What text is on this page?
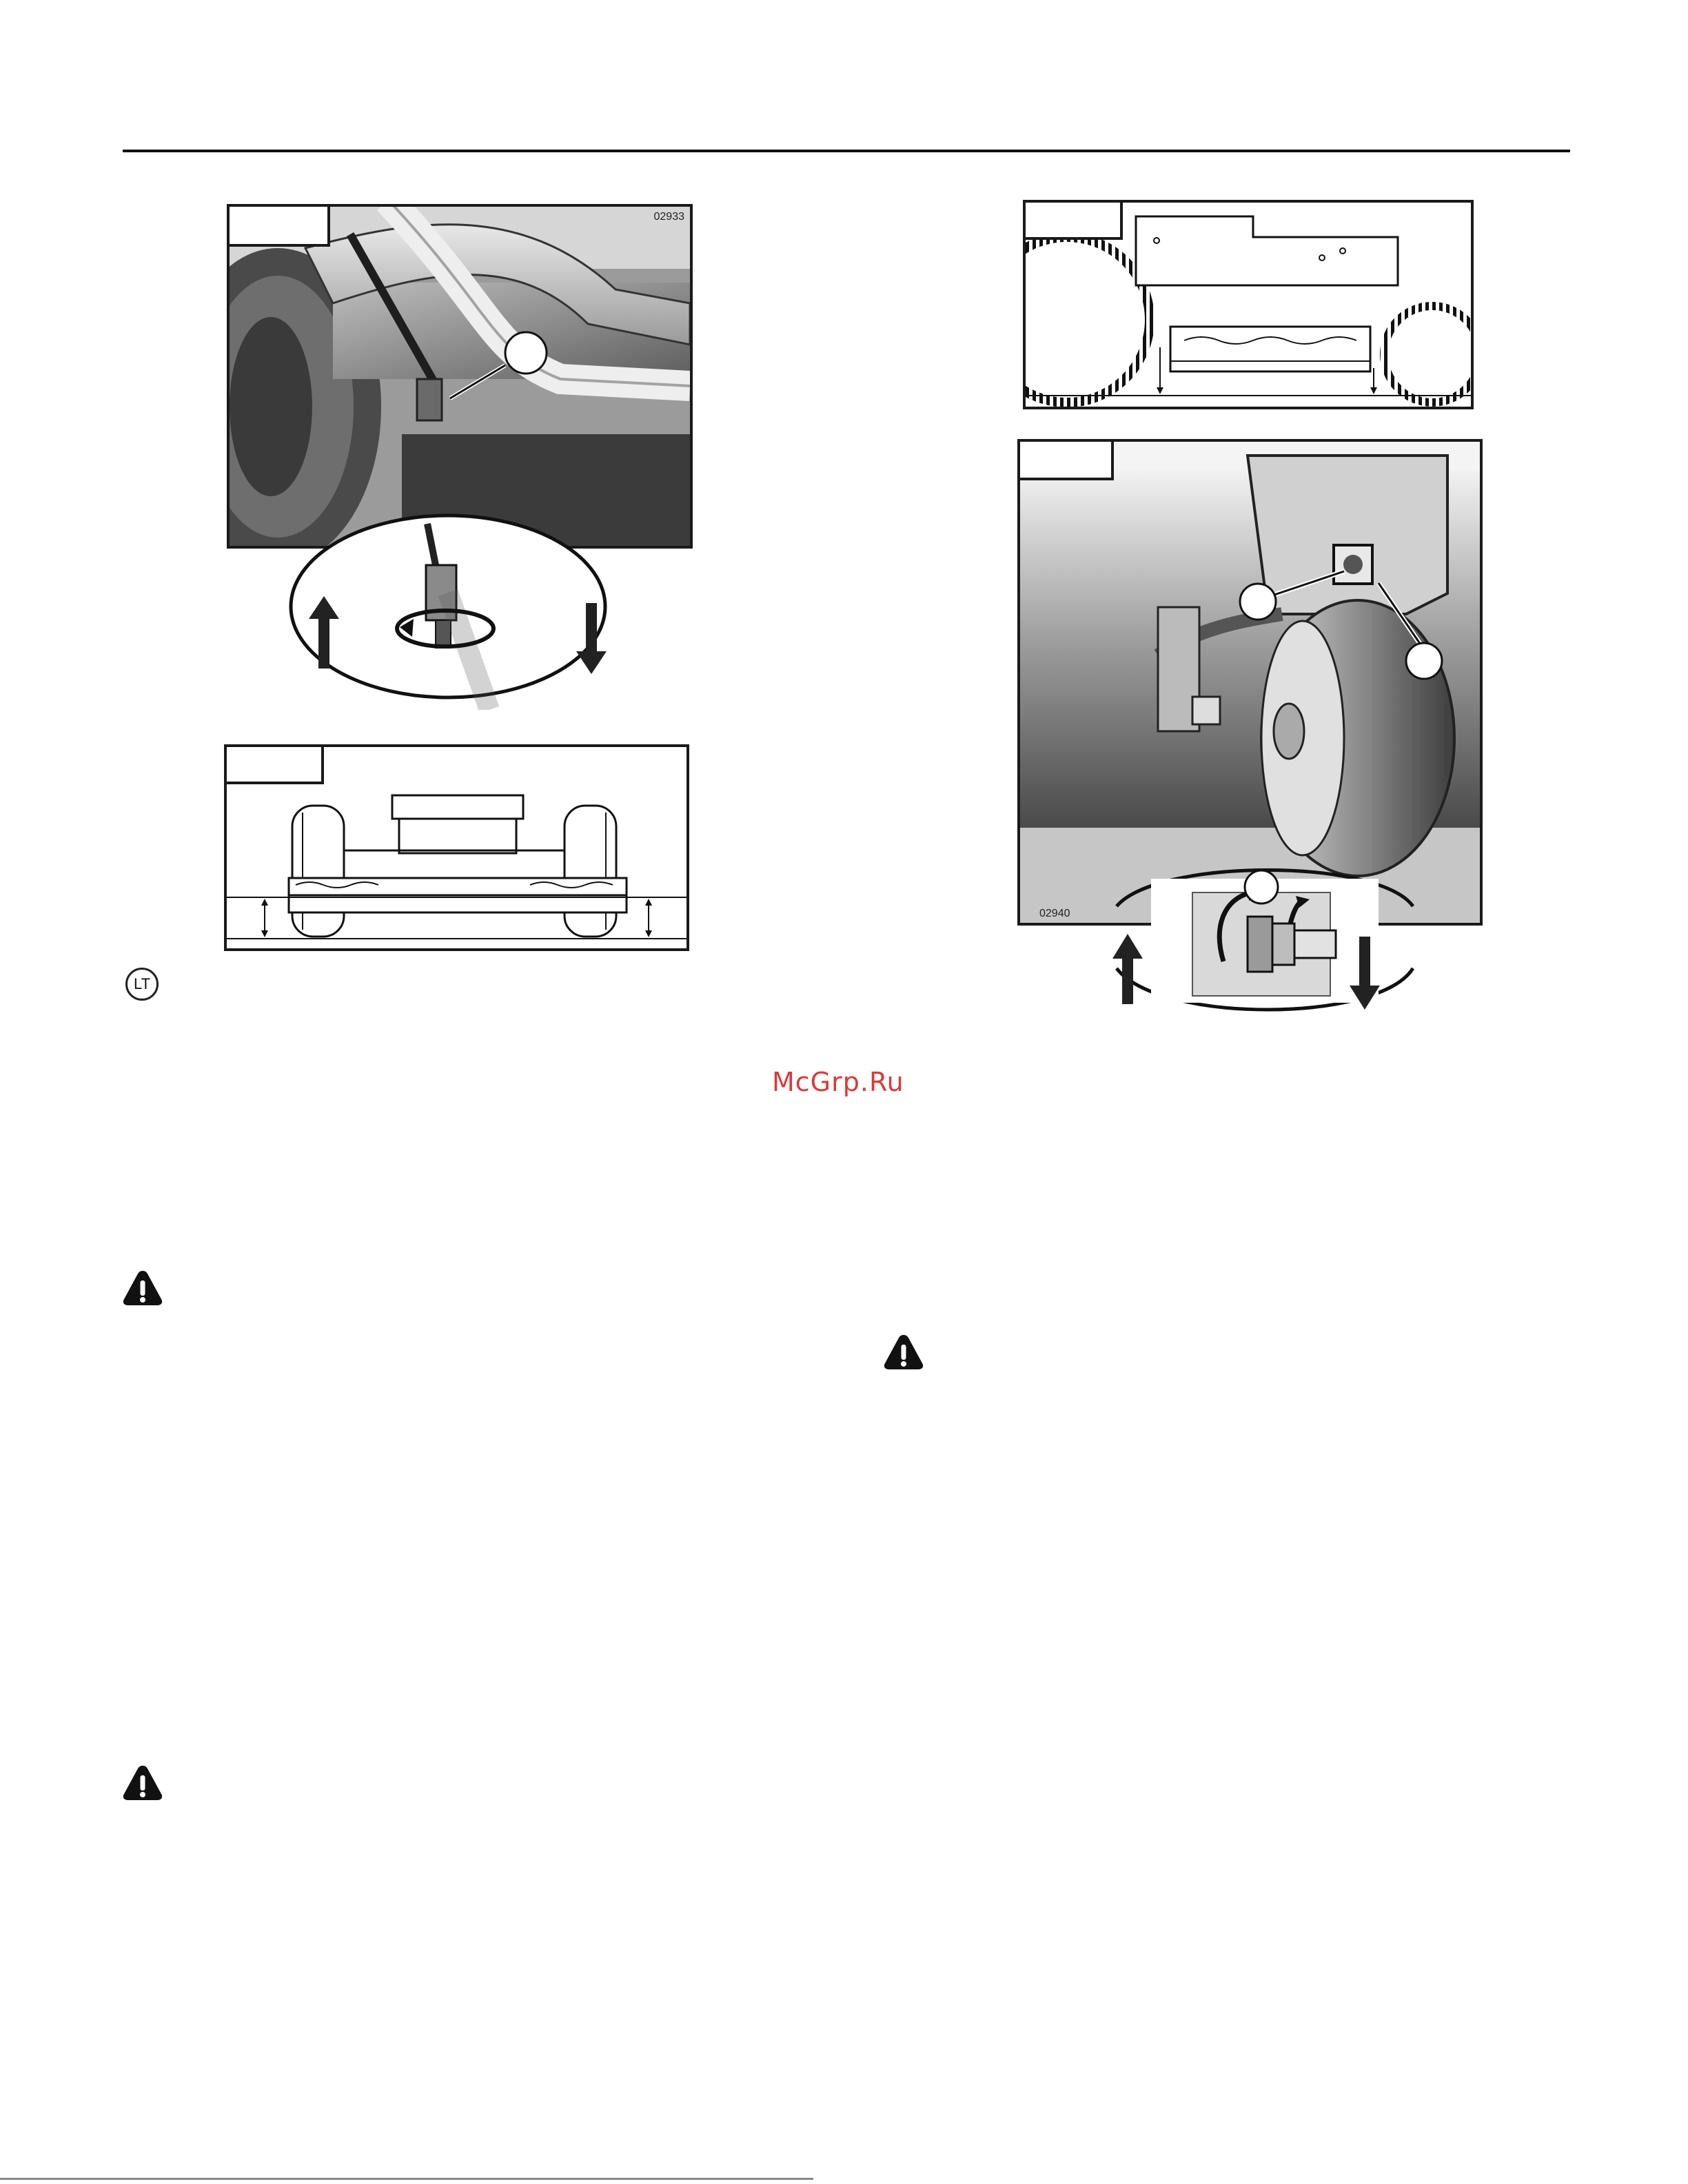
02933
LT
02940
McGrp.Ru
